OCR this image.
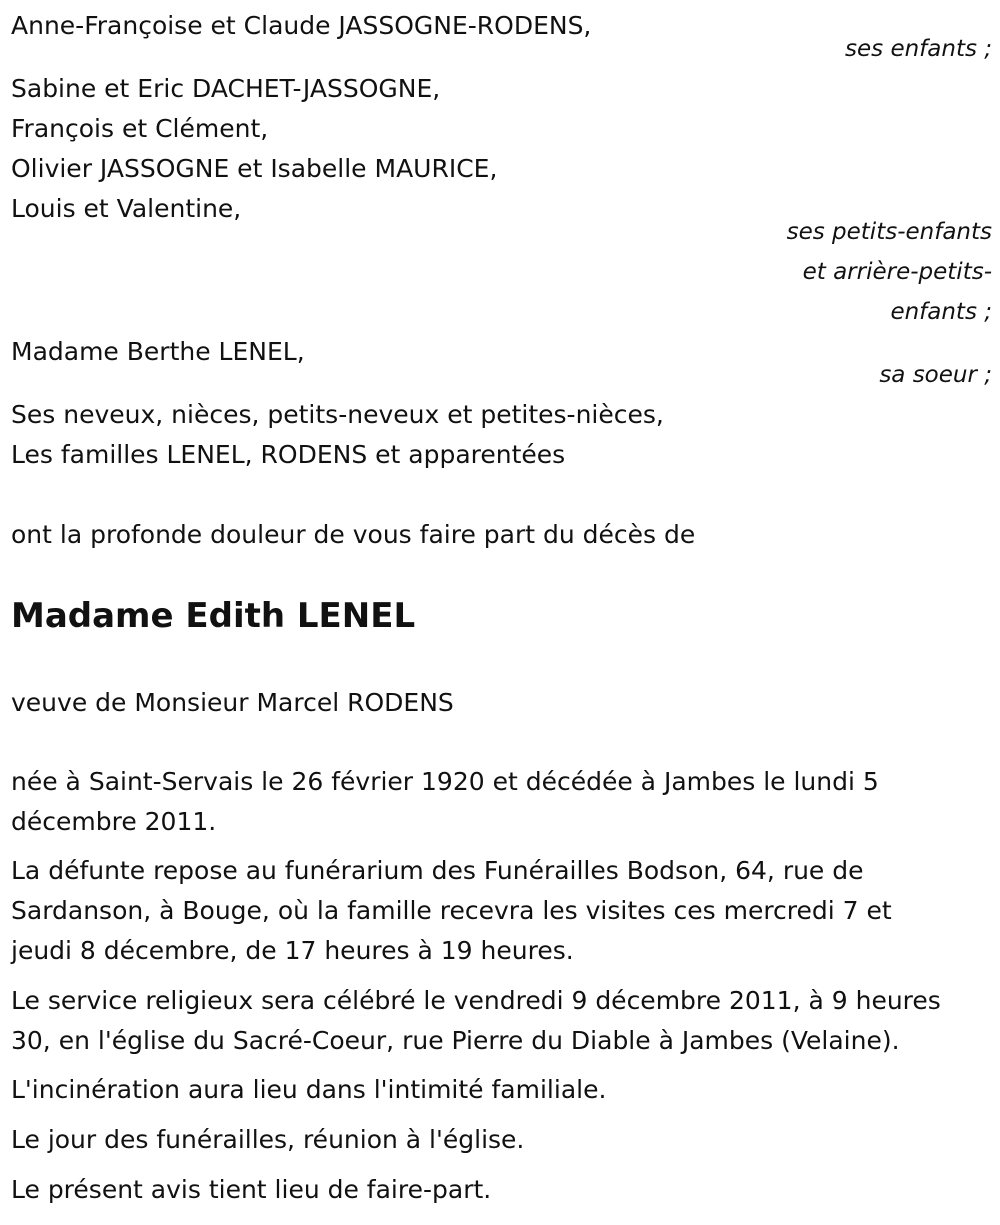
Anne-Françoise et Claude JASSOGNE-RODENS,
ses enfants ;
Sabine et Eric DACHET-JASSOGNE,
François et Clément,
Olivier JASSOGNE et Isabelle MAURICE,
Louis et Valentine,
ses petits-enfants
et arrière-petits-
enfants ;
Madame Berthe LENEL,
sa soeur ;
Ses neveux, nièces, petits-neveux et petites-nièces,
Les familles LENEL, RODENS et apparentées
ont la profonde douleur de vous faire part du décès de
Madame Edith LENEL
veuve de Monsieur Marcel RODENS
née à Saint-Servais le 26 février 1920 et décédée à Jambes le lundi 5
décembre 2011.
La défunte repose au funérarium des Funérailles Bodson, 64, rue de
Sardanson, à Bouge, où la famille recevra les visites ces mercredi 7 et
jeudi 8 décembre, de 17 heures à 19 heures.
Le service religieux sera célébré le vendredi 9 décembre 2011, à 9 heures
30, en l'église du Sacré-Coeur, rue Pierre du Diable à Jambes (Velaine).
L'incinération aura lieu dans l'intimité familiale.
Le jour des funérailles, réunion à l'église.
Le présent avis tient lieu de faire-part.
